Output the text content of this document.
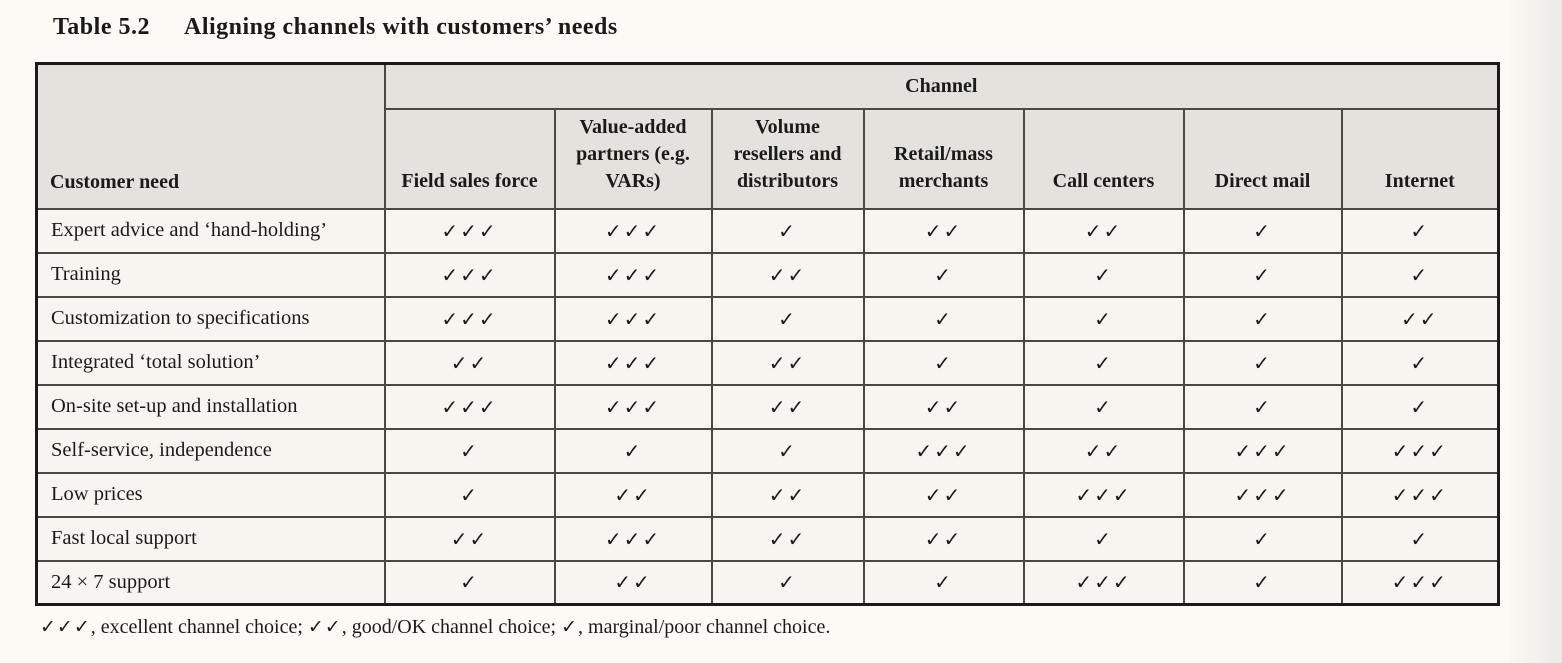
Table 5.2 Aligning channels with customers’ needs
Customer need	Channel						
	Field sales force	Value-added partners (e.g. VARs)	Volume resellers and distributors	Retail/mass merchants	Call centers	Direct mail	Internet
Expert advice and ‘hand-holding’	✓✓✓	✓✓✓	✓	✓✓	✓✓	✓	✓
Training	✓✓✓	✓✓✓	✓✓	✓	✓	✓	✓
Customization to specifications	✓✓✓	✓✓✓	✓	✓	✓	✓	✓✓
Integrated ‘total solution’	✓✓	✓✓✓	✓✓	✓	✓	✓	✓
On-site set-up and installation	✓✓✓	✓✓✓	✓✓	✓✓	✓	✓	✓
Self-service, independence	✓	✓	✓	✓✓✓	✓✓	✓✓✓	✓✓✓
Low prices	✓	✓✓	✓✓	✓✓	✓✓✓	✓✓✓	✓✓✓
Fast local support	✓✓	✓✓✓	✓✓	✓✓	✓	✓	✓
24 × 7 support	✓	✓✓	✓	✓	✓✓✓	✓	✓✓✓
✓✓✓, excellent channel choice; ✓✓, good/OK channel choice; ✓, marginal/poor channel choice.
